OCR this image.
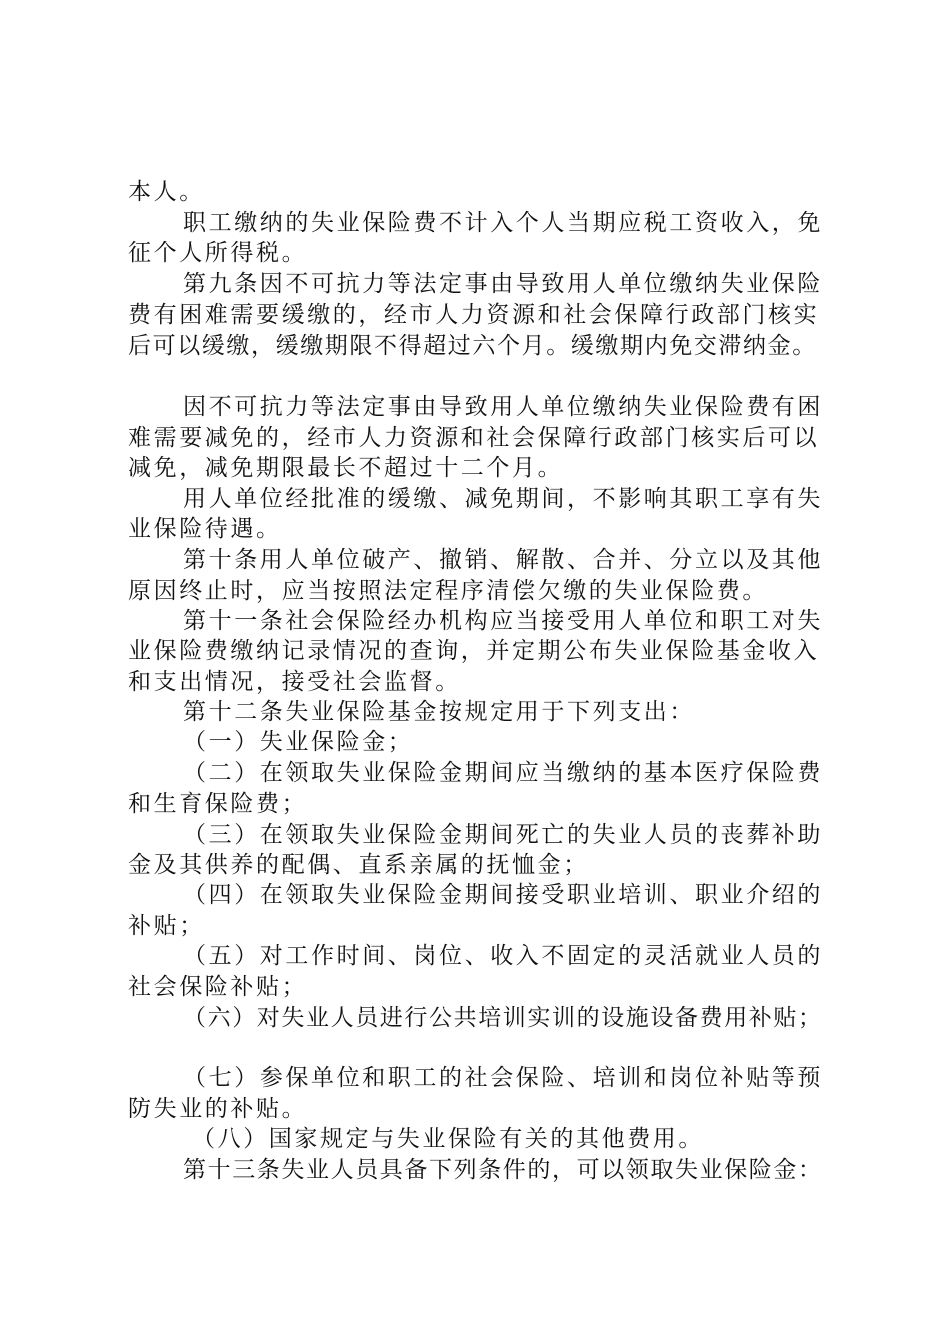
本人。
职工缴纳的失业保险费不计入个人当期应税工资收入，免
征个人所得税。
第九条因不可抗力等法定事由导致用人单位缴纳失业保险
费有困难需要缓缴的，经市人力资源和社会保障行政部门核实
后可以缓缴，缓缴期限不得超过六个月。缓缴期内免交滞纳金。
因不可抗力等法定事由导致用人单位缴纳失业保险费有困
难需要减免的，经市人力资源和社会保障行政部门核实后可以
减免，减免期限最长不超过十二个月。
用人单位经批准的缓缴、减免期间，不影响其职工享有失
业保险待遇。
第十条用人单位破产、撤销、解散、合并、分立以及其他
原因终止时，应当按照法定程序清偿欠缴的失业保险费。
第十一条社会保险经办机构应当接受用人单位和职工对失
业保险费缴纳记录情况的查询，并定期公布失业保险基金收入
和支出情况，接受社会监督。
第十二条失业保险基金按规定用于下列支出：
（一）失业保险金；
（二）在领取失业保险金期间应当缴纳的基本医疗保险费
和生育保险费；
（三）在领取失业保险金期间死亡的失业人员的丧葬补助
金及其供养的配偶、直系亲属的抚恤金；
（四）在领取失业保险金期间接受职业培训、职业介绍的
补贴；
（五）对工作时间、岗位、收入不固定的灵活就业人员的
社会保险补贴；
（六）对失业人员进行公共培训实训的设施设备费用补贴；
（七）参保单位和职工的社会保险、培训和岗位补贴等预
防失业的补贴。
（八）国家规定与失业保险有关的其他费用。
第十三条失业人员具备下列条件的，可以领取失业保险金：
